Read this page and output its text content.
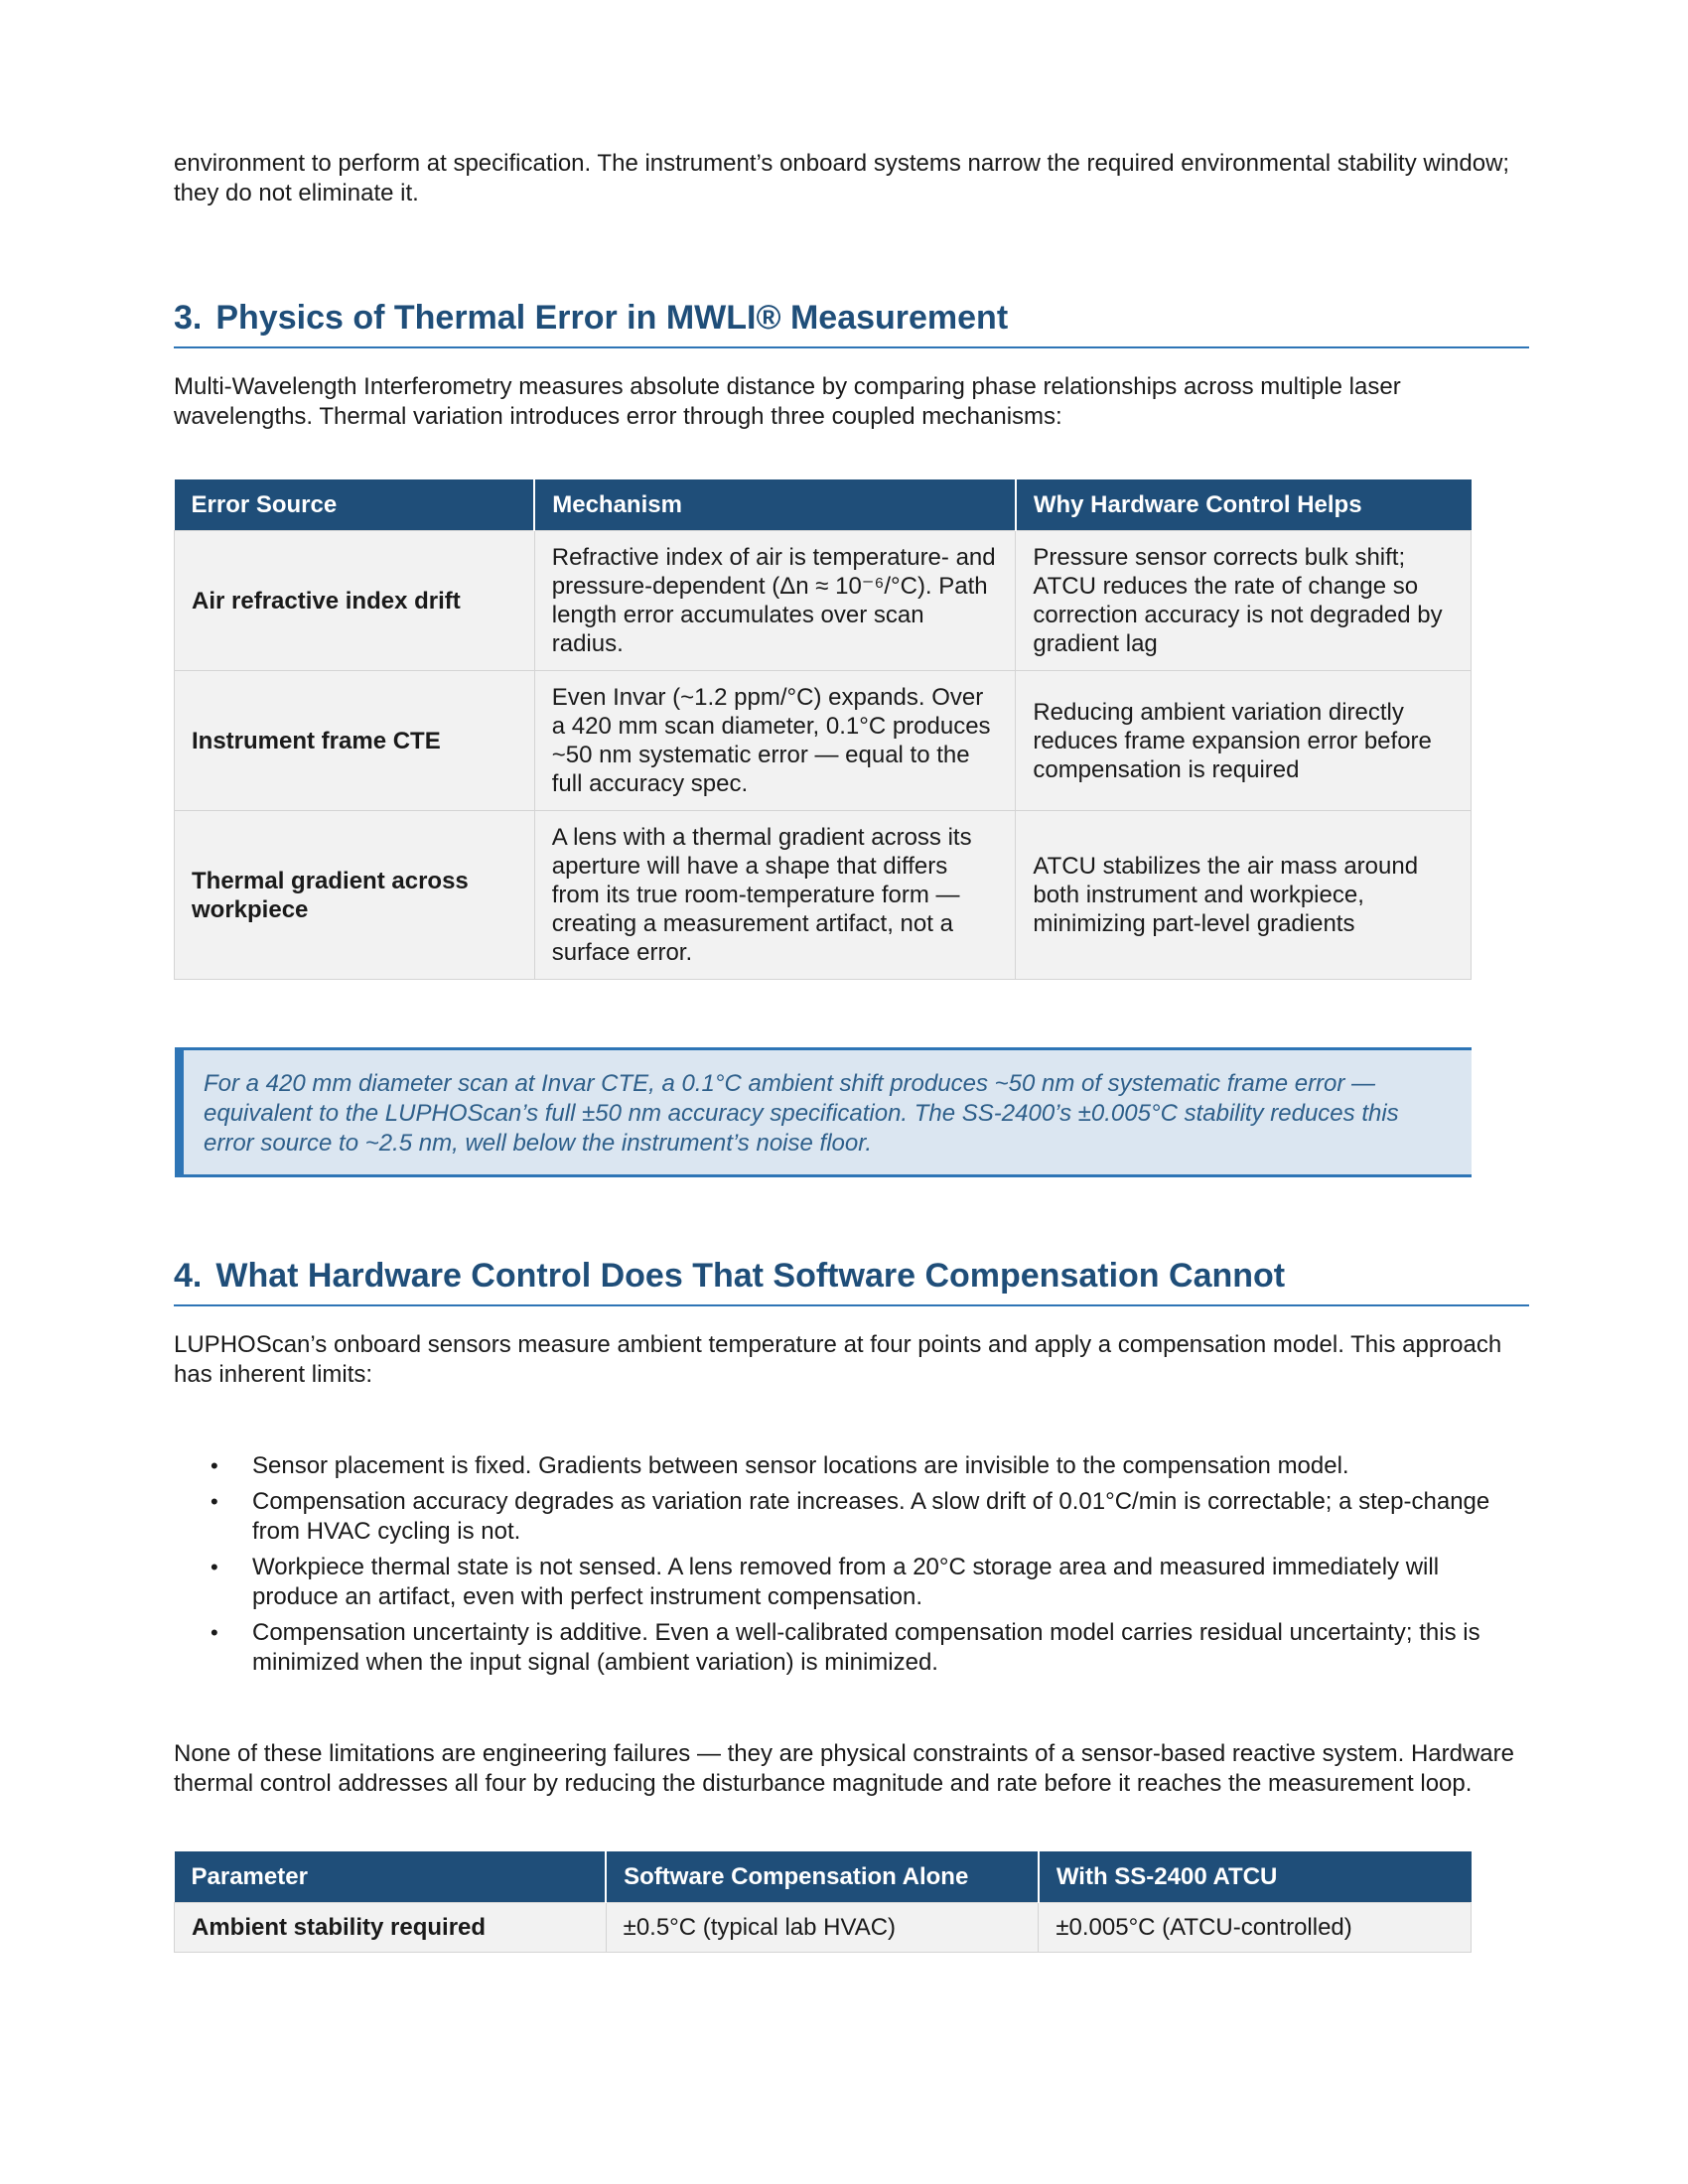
environment to perform at specification. The instrument’s onboard systems narrow the required environmental stability window; they do not eliminate it.

3. Physics of Thermal Error in MWLI® Measurement

Multi-Wavelength Interferometry measures absolute distance by comparing phase relationships across multiple laser wavelengths. Thermal variation introduces error through three coupled mechanisms:

Error Source	Mechanism	Why Hardware Control Helps
Air refractive index drift	Refractive index of air is temperature- and pressure-dependent (Δn ≈ 10⁻⁶/°C). Path length error accumulates over scan radius.	Pressure sensor corrects bulk shift; ATCU reduces the rate of change so correction accuracy is not degraded by gradient lag
Instrument frame CTE	Even Invar (~1.2 ppm/°C) expands. Over a 420 mm scan diameter, 0.1°C produces ~50 nm systematic error — equal to the full accuracy spec.	Reducing ambient variation directly reduces frame expansion error before compensation is required
Thermal gradient across workpiece	A lens with a thermal gradient across its aperture will have a shape that differs from its true room-temperature form — creating a measurement artifact, not a surface error.	ATCU stabilizes the air mass around both instrument and workpiece, minimizing part-level gradients

For a 420 mm diameter scan at Invar CTE, a 0.1°C ambient shift produces ~50 nm of systematic frame error — equivalent to the LUPHOScan’s full ±50 nm accuracy specification. The SS-2400’s ±0.005°C stability reduces this error source to ~2.5 nm, well below the instrument’s noise floor.

4. What Hardware Control Does That Software Compensation Cannot

LUPHOScan’s onboard sensors measure ambient temperature at four points and apply a compensation model. This approach has inherent limits:

• Sensor placement is fixed. Gradients between sensor locations are invisible to the compensation model.
• Compensation accuracy degrades as variation rate increases. A slow drift of 0.01°C/min is correctable; a step-change from HVAC cycling is not.
• Workpiece thermal state is not sensed. A lens removed from a 20°C storage area and measured immediately will produce an artifact, even with perfect instrument compensation.
• Compensation uncertainty is additive. Even a well-calibrated compensation model carries residual uncertainty; this is minimized when the input signal (ambient variation) is minimized.

None of these limitations are engineering failures — they are physical constraints of a sensor-based reactive system. Hardware thermal control addresses all four by reducing the disturbance magnitude and rate before it reaches the measurement loop.

Parameter	Software Compensation Alone	With SS-2400 ATCU
Ambient stability required	±0.5°C (typical lab HVAC)	±0.005°C (ATCU-controlled)
